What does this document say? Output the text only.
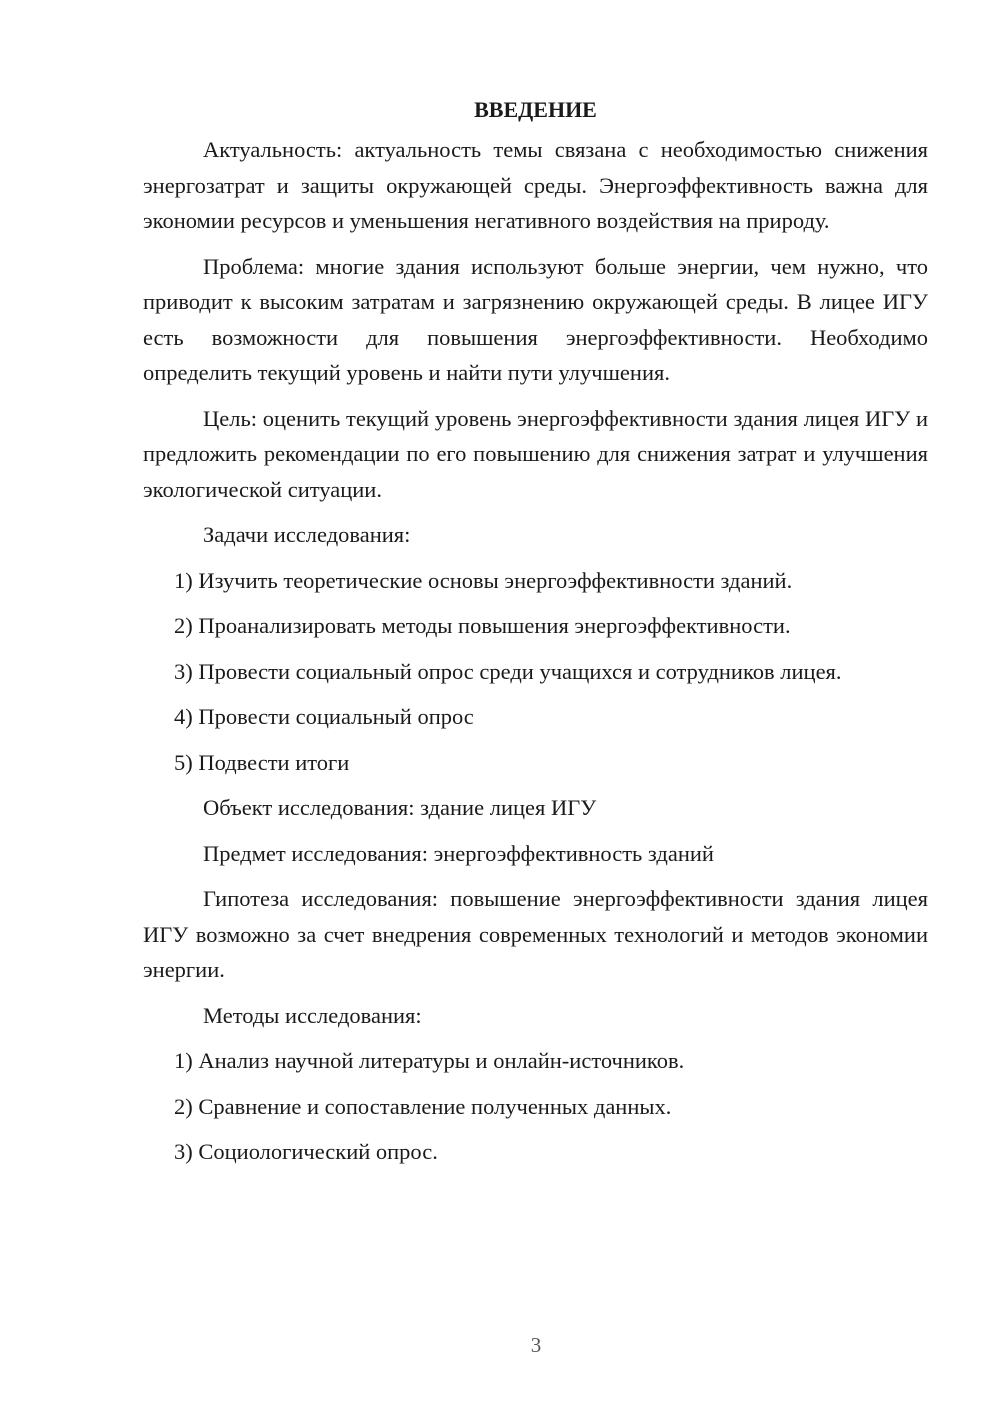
ВВЕДЕНИЕ
Актуальность: актуальность темы связана с необходимостью снижения энергозатрат и защиты окружающей среды. Энергоэффективность важна для экономии ресурсов и уменьшения негативного воздействия на природу.
Проблема: многие здания используют больше энергии, чем нужно, что приводит к высоким затратам и загрязнению окружающей среды. В лицее ИГУ есть возможности для повышения энергоэффективности. Необходимо определить текущий уровень и найти пути улучшения.
Цель: оценить текущий уровень энергоэффективности здания лицея ИГУ и предложить рекомендации по его повышению для снижения затрат и улучшения экологической ситуации.
Задачи исследования:
1) Изучить теоретические основы энергоэффективности зданий.
2) Проанализировать методы повышения энергоэффективности.
3) Провести социальный опрос среди учащихся и сотрудников лицея.
4) Провести социальный опрос
5) Подвести итоги
Объект исследования: здание лицея ИГУ
Предмет исследования: энергоэффективность зданий
Гипотеза исследования: повышение энергоэффективности здания лицея ИГУ возможно за счет внедрения современных технологий и методов экономии энергии.
Методы исследования:
1) Анализ научной литературы и онлайн-источников.
2) Сравнение и сопоставление полученных данных.
3) Социологический опрос.
3
